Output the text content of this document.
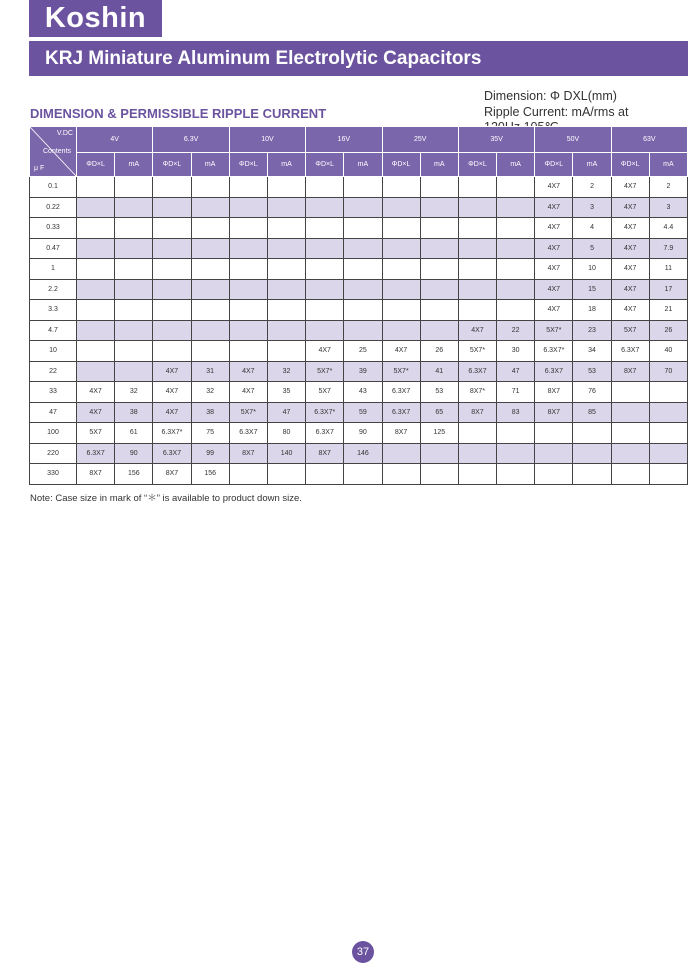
Koshin
KRJ Miniature Aluminum Electrolytic Capacitors
Dimension: Φ DXL(mm)
Ripple Current: mA/rms at
DIMENSION & PERMISSIBLE RIPPLE CURRENT
V.DC
Contents
μ F	4V		6.3V		10V		16V		25V		35V		50V		63V	
	ΦD×L	mA	ΦD×L	mA	ΦD×L	mA	ΦD×L	mA	ΦD×L	mA	ΦD×L	mA	ΦD×L	mA	ΦD×L	mA
0.1													4X7	2	4X7	2
0.22													4X7	3	4X7	3
0.33													4X7	4	4X7	4.4
0.47													4X7	5	4X7	7.9
1													4X7	10	4X7	11
2.2													4X7	15	4X7	17
3.3													4X7	18	4X7	21
4.7											4X7	22	5X7*	23	5X7	26
10							4X7	25	4X7	26	5X7*	30	6.3X7*	34	6.3X7	40
22			4X7	31	4X7	32	5X7*	39	5X7*	41	6.3X7	47	6.3X7	53	8X7	70
33	4X7	32	4X7	32	4X7	35	5X7	43	6.3X7	53	8X7*	71	8X7	76		
47	4X7	38	4X7	38	5X7*	47	6.3X7*	59	6.3X7	65	8X7	83	8X7	85		
100	5X7	61	6.3X7*	75	6.3X7	80	6.3X7	90	8X7	125						
220	6.3X7	90	6.3X7	99	8X7	140	8X7	146								
330	8X7	156	8X7	156												
Note: Case size in mark of “＊” is available to product down size.
37
